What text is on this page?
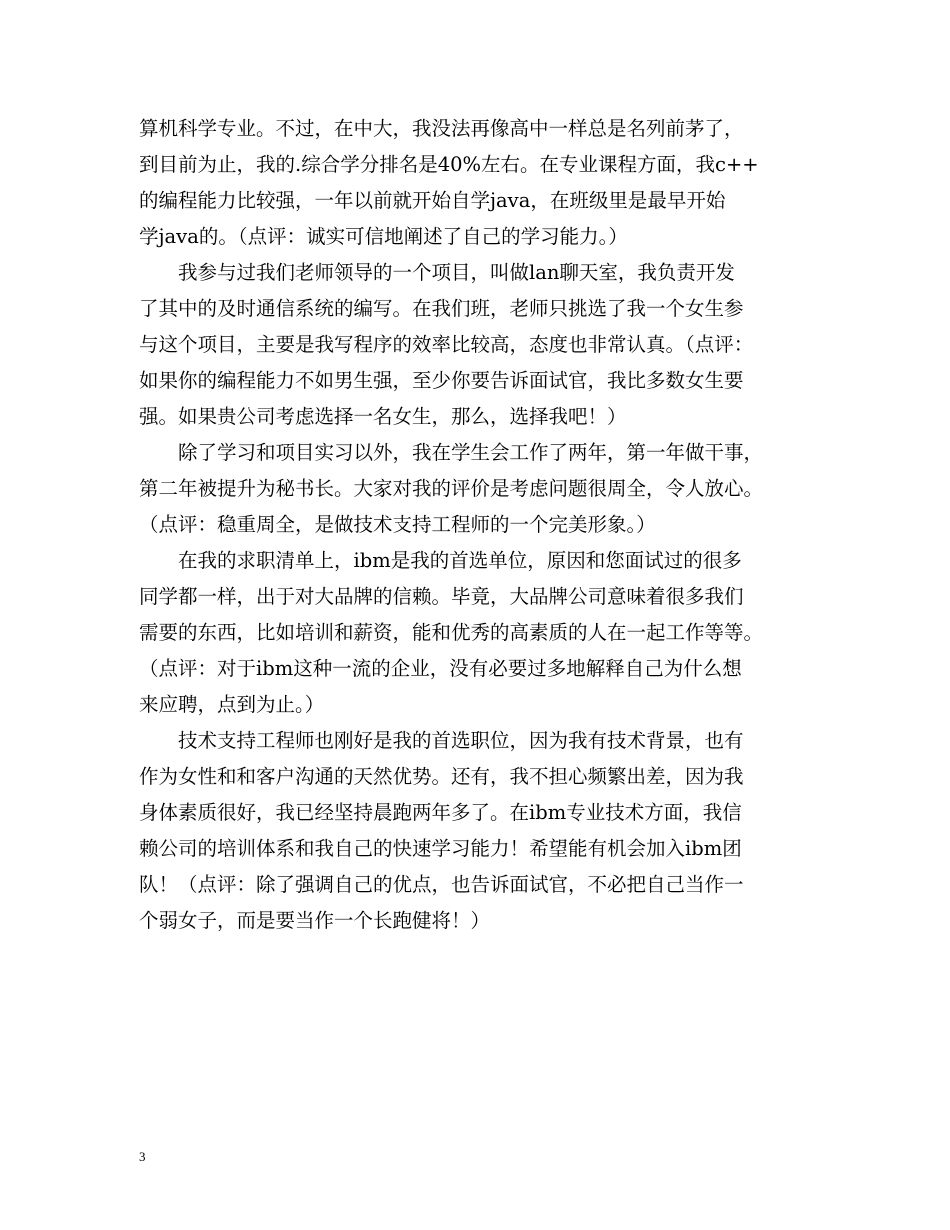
算机科学专业。不过，在中大，我没法再像高中一样总是名列前茅了，
到目前为止，我的.综合学分排名是40%左右。在专业课程方面，我c++
的编程能力比较强，一年以前就开始自学java，在班级里是最早开始
学java的。（点评：诚实可信地阐述了自己的学习能力。）
　　我参与过我们老师领导的一个项目，叫做lan聊天室，我负责开发
了其中的及时通信系统的编写。在我们班，老师只挑选了我一个女生参
与这个项目，主要是我写程序的效率比较高，态度也非常认真。（点评：
如果你的编程能力不如男生强，至少你要告诉面试官，我比多数女生要
强。如果贵公司考虑选择一名女生，那么，选择我吧！）
　　除了学习和项目实习以外，我在学生会工作了两年，第一年做干事，
第二年被提升为秘书长。大家对我的评价是考虑问题很周全，令人放心。
（点评：稳重周全，是做技术支持工程师的一个完美形象。）
　　在我的求职清单上，ibm是我的首选单位，原因和您面试过的很多
同学都一样，出于对大品牌的信赖。毕竟，大品牌公司意味着很多我们
需要的东西，比如培训和薪资，能和优秀的高素质的人在一起工作等等。
（点评：对于ibm这种一流的企业，没有必要过多地解释自己为什么想
来应聘，点到为止。）
　　技术支持工程师也刚好是我的首选职位，因为我有技术背景，也有
作为女性和和客户沟通的天然优势。还有，我不担心频繁出差，因为我
身体素质很好，我已经坚持晨跑两年多了。在ibm专业技术方面，我信
赖公司的培训体系和我自己的快速学习能力！希望能有机会加入ibm团
队！（点评：除了强调自己的优点，也告诉面试官，不必把自己当作一
个弱女子，而是要当作一个长跑健将！）
3
